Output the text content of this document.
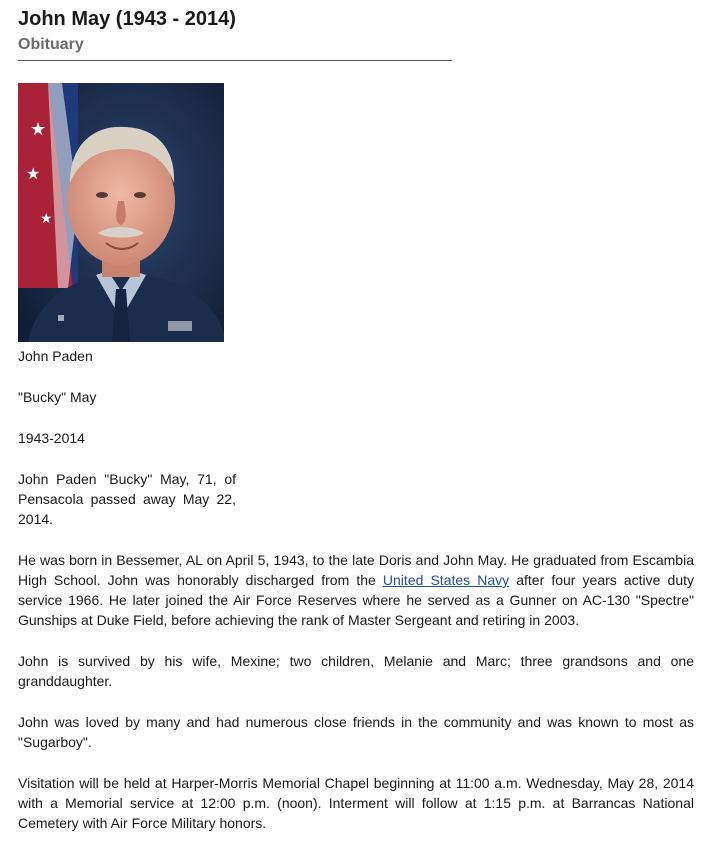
John May (1943 - 2014)
Obituary
★
★
★

John Paden

"Bucky" May

1943-2014

John Paden "Bucky" May, 71, of Pensacola passed away May 22, 2014.

He was born in Bessemer, AL on April 5, 1943, to the late Doris and John May. He graduated from Escambia High School. John was honorably discharged from the United States Navy after four years active duty service 1966. He later joined the Air Force Reserves where he served as a Gunner on AC-130 "Spectre" Gunships at Duke Field, before achieving the rank of Master Sergeant and retiring in 2003.

John is survived by his wife, Mexine; two children, Melanie and Marc; three grandsons and one granddaughter.

John was loved by many and had numerous close friends in the community and was known to most as "Sugarboy".

Visitation will be held at Harper-Morris Memorial Chapel beginning at 11:00 a.m. Wednesday, May 28, 2014 with a Memorial service at 12:00 p.m. (noon). Interment will follow at 1:15 p.m. at Barrancas National Cemetery with Air Force Military honors.
